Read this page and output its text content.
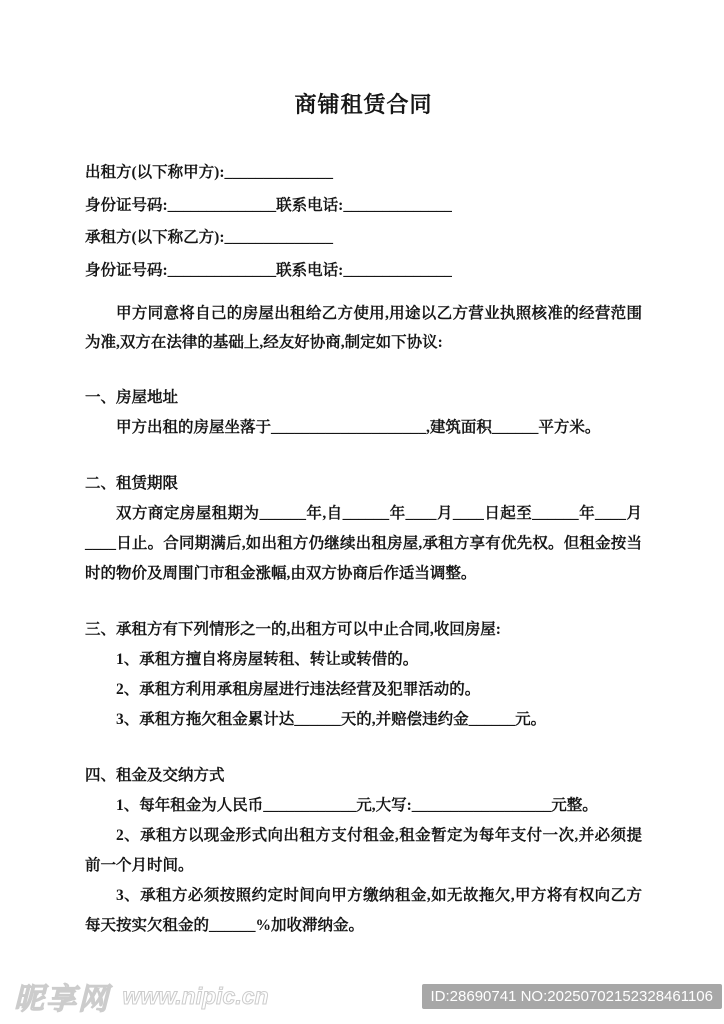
商铺租赁合同
出租方(以下称甲方):______________
身份证号码:______________联系电话:______________
承租方(以下称乙方):______________
身份证号码:______________联系电话:______________

甲方同意将自己的房屋出租给乙方使用,用途以乙方营业执照核准的经营范围为准,双方在法律的基础上,经友好协商,制定如下协议:

一、房屋地址

甲方出租的房屋坐落于____________________,建筑面积______平方米。

二、租赁期限

双方商定房屋租期为______年,自______年____月____日起至______年____月____日止。合同期满后,如出租方仍继续出租房屋,承租方享有优先权。但租金按当时的物价及周围门市租金涨幅,由双方协商后作适当调整。

三、承租方有下列情形之一的,出租方可以中止合同,收回房屋:

1、承租方擅自将房屋转租、转让或转借的。

2、承租方利用承租房屋进行违法经营及犯罪活动的。

3、承租方拖欠租金累计达______天的,并赔偿违约金______元。

四、租金及交纳方式

1、每年租金为人民币____________元,大写:__________________元整。

2、承租方以现金形式向出租方支付租金,租金暂定为每年支付一次,并必须提前一个月时间。

3、承租方必须按照约定时间向甲方缴纳租金,如无故拖欠,甲方将有权向乙方每天按实欠租金的______%加收滞纳金。

昵享网 www.nipic.cn	ID:28690741 NO:20250702152328461106
